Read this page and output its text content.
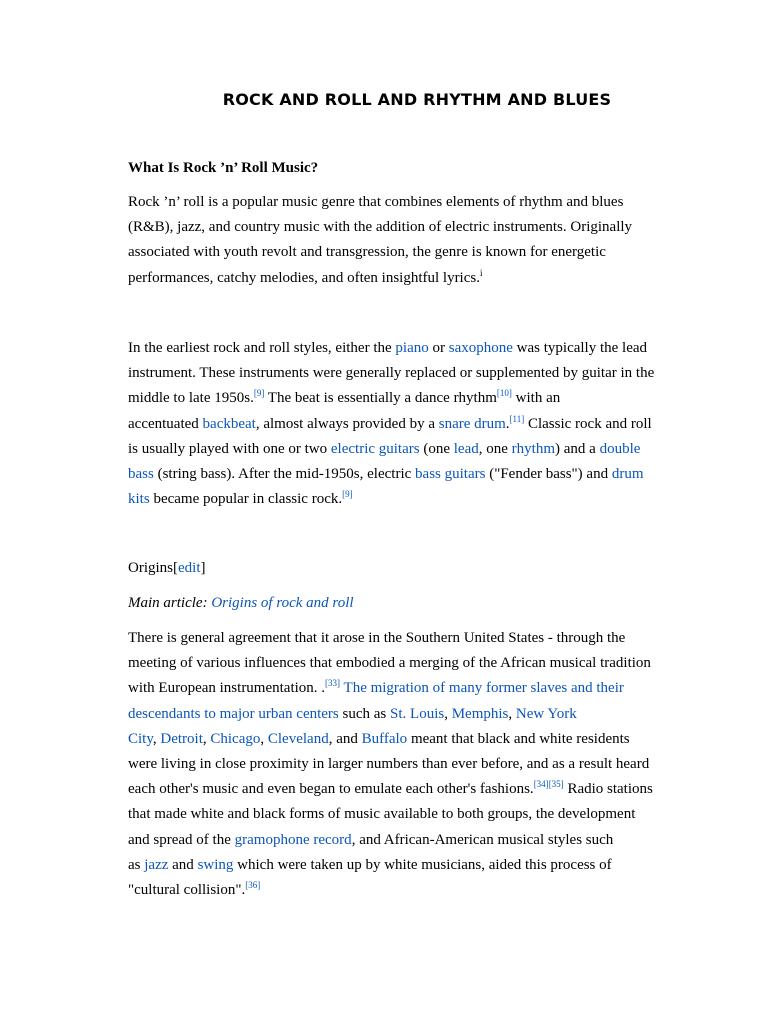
ROCK AND ROLL AND RHYTHM AND BLUES
What Is Rock ’n’ Roll Music?
Rock ’n’ roll is a popular music genre that combines elements of rhythm and blues
(R&B), jazz, and country music with the addition of electric instruments. Originally
associated with youth revolt and transgression, the genre is known for energetic
performances, catchy melodies, and often insightful lyrics.$^i$
In the earliest rock and roll styles, either the piano or saxophone was typically the lead
instrument. These instruments were generally replaced or supplemented by guitar in the
middle to late 1950s.[9] The beat is essentially a dance rhythm[10] with an
accentuated backbeat, almost always provided by a snare drum.[11] Classic rock and roll
is usually played with one or two electric guitars (one lead, one rhythm) and a double
bass (string bass). After the mid-1950s, electric bass guitars ("Fender bass") and drum
kits became popular in classic rock.[9]
Origins[edit]
Main article: Origins of rock and roll
There is general agreement that it arose in the Southern United States - through the
meeting of various influences that embodied a merging of the African musical tradition
with European instrumentation. .[33] The migration of many former slaves and their
descendants to major urban centers such as St. Louis, Memphis, New York
City, Detroit, Chicago, Cleveland, and Buffalo meant that black and white residents
were living in close proximity in larger numbers than ever before, and as a result heard
each other's music and even began to emulate each other's fashions.[34][35] Radio stations
that made white and black forms of music available to both groups, the development
and spread of the gramophone record, and African-American musical styles such
as jazz and swing which were taken up by white musicians, aided this process of
"cultural collision".[36]
